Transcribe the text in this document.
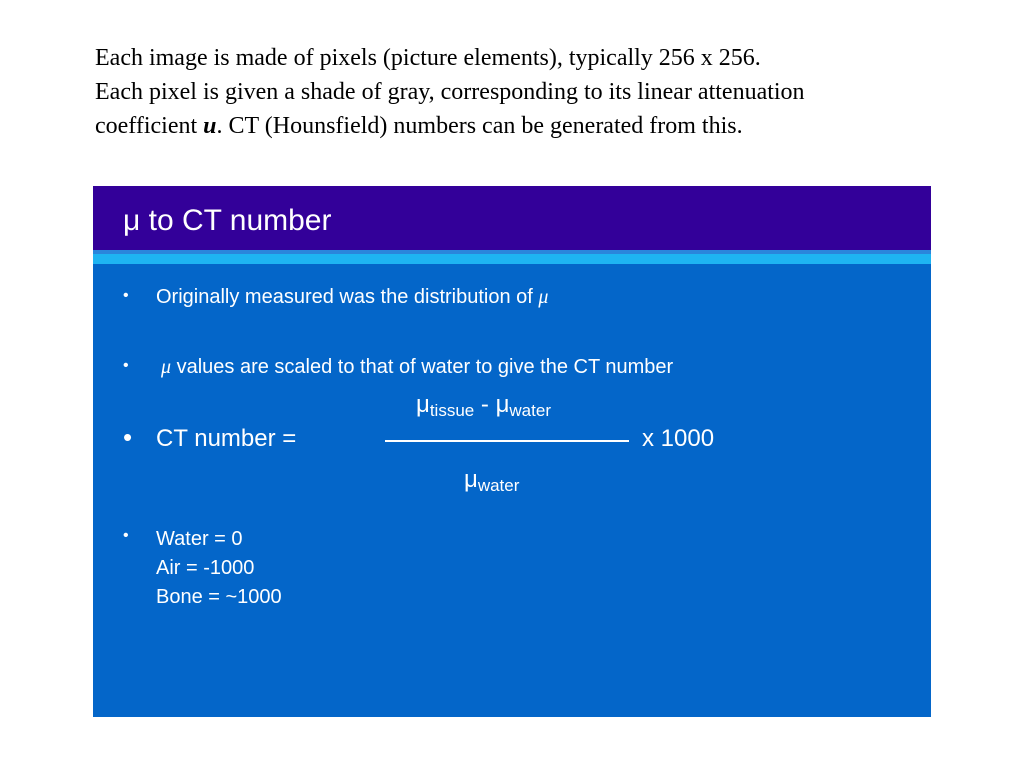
Each image is made of pixels (picture elements), typically 256 x 256.

Each pixel is given a shade of gray, corresponding to its linear attenuation

coefficient u. CT (Hounsfield) numbers can be generated from this.

μ to CT number
• Originally measured was the distribution of μ
• μ values are scaled to that of water to give the CT number
$\mu_{tissue} - \mu_{water}$
• CT number =	x 1000
$\mu_{water}$
• Water = 0
Air = -1000
Bone = ~1000
